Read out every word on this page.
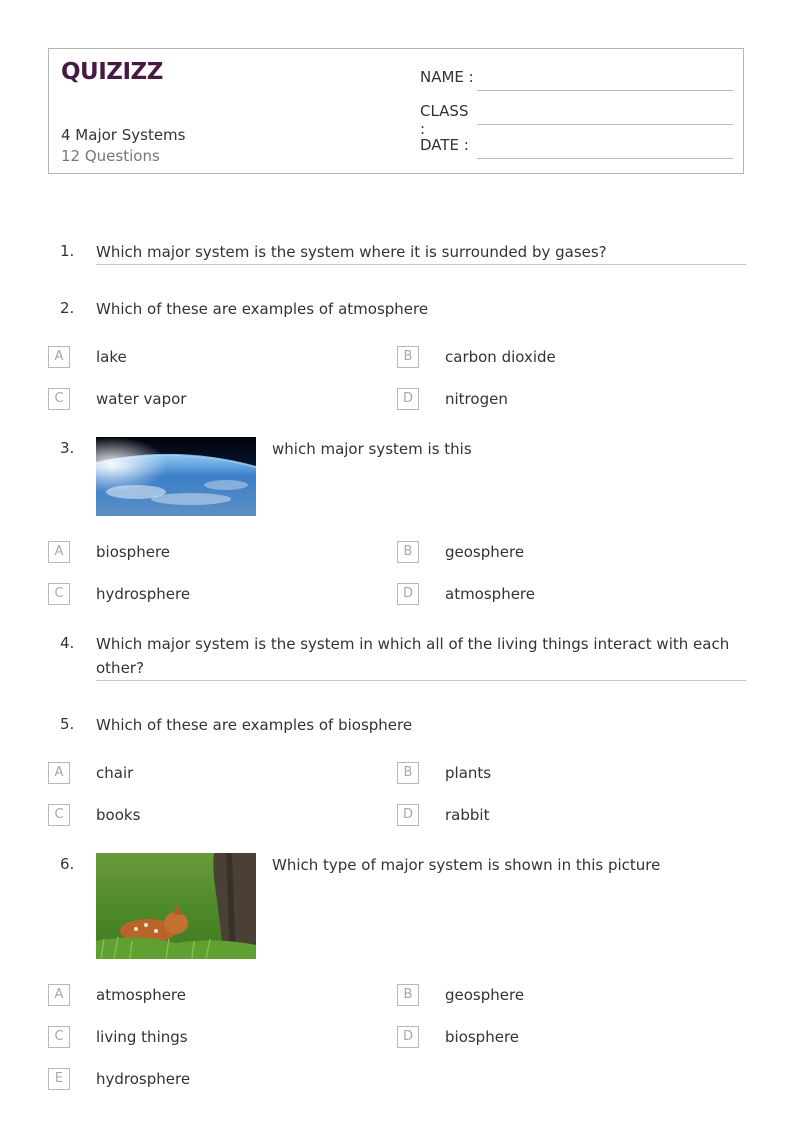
QUIZIZZ
4 Major Systems
12 Questions
NAME :
CLASS :
DATE :
1. Which major system is the system where it is surrounded by gases?
2. Which of these are examples of atmosphere
A	lake	B	carbon dioxide
C	water vapor	D	nitrogen
3.	which major system is this
A	biosphere	B	geosphere
C	hydrosphere	D	atmosphere
4. Which major system is the system in which all of the living things interact with each other?
5. Which of these are examples of biosphere
A	chair	B	plants
C	books	D	rabbit
6.	Which type of major system is shown in this picture
A	atmosphere	B	geosphere
C	living things	D	biosphere
E	hydrosphere
